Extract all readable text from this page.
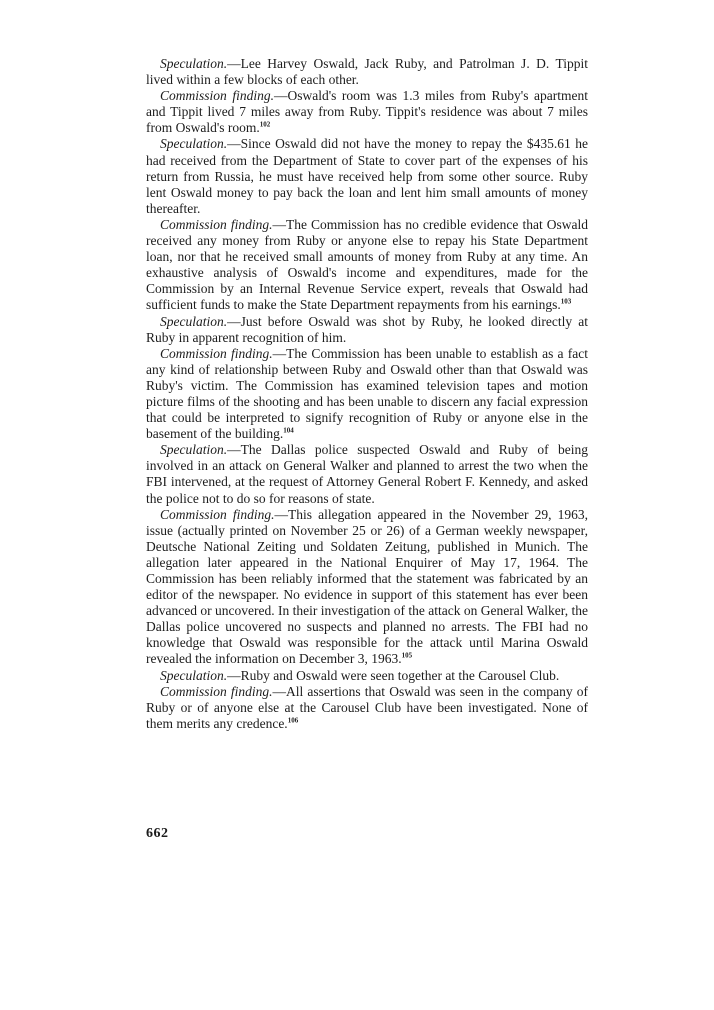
Speculation.—Lee Harvey Oswald, Jack Ruby, and Patrolman J. D. Tippit lived within a few blocks of each other.

Commission finding.—Oswald's room was 1.3 miles from Ruby's apartment and Tippit lived 7 miles away from Ruby. Tippit's residence was about 7 miles from Oswald's room.$^{102}$

Speculation.—Since Oswald did not have the money to repay the $435.61 he had received from the Department of State to cover part of the expenses of his return from Russia, he must have received help from some other source. Ruby lent Oswald money to pay back the loan and lent him small amounts of money thereafter.

Commission finding.—The Commission has no credible evidence that Oswald received any money from Ruby or anyone else to repay his State Department loan, nor that he received small amounts of money from Ruby at any time. An exhaustive analysis of Oswald's income and expenditures, made for the Commission by an Internal Revenue Service expert, reveals that Oswald had sufficient funds to make the State Department repayments from his earnings.$^{103}$

Speculation.—Just before Oswald was shot by Ruby, he looked directly at Ruby in apparent recognition of him.

Commission finding.—The Commission has been unable to establish as a fact any kind of relationship between Ruby and Oswald other than that Oswald was Ruby's victim. The Commission has examined television tapes and motion picture films of the shooting and has been unable to discern any facial expression that could be interpreted to signify recognition of Ruby or anyone else in the basement of the building.$^{104}$

Speculation.—The Dallas police suspected Oswald and Ruby of being involved in an attack on General Walker and planned to arrest the two when the FBI intervened, at the request of Attorney General Robert F. Kennedy, and asked the police not to do so for reasons of state.

Commission finding.—This allegation appeared in the November 29, 1963, issue (actually printed on November 25 or 26) of a German weekly newspaper, Deutsche National Zeiting und Soldaten Zeitung, published in Munich. The allegation later appeared in the National Enquirer of May 17, 1964. The Commission has been reliably informed that the statement was fabricated by an editor of the newspaper. No evidence in support of this statement has ever been advanced or uncovered. In their investigation of the attack on General Walker, the Dallas police uncovered no suspects and planned no arrests. The FBI had no knowledge that Oswald was responsible for the attack until Marina Oswald revealed the information on December 3, 1963.$^{105}$

Speculation.—Ruby and Oswald were seen together at the Carousel Club.

Commission finding.—All assertions that Oswald was seen in the company of Ruby or of anyone else at the Carousel Club have been investigated. None of them merits any credence.$^{106}$

662
